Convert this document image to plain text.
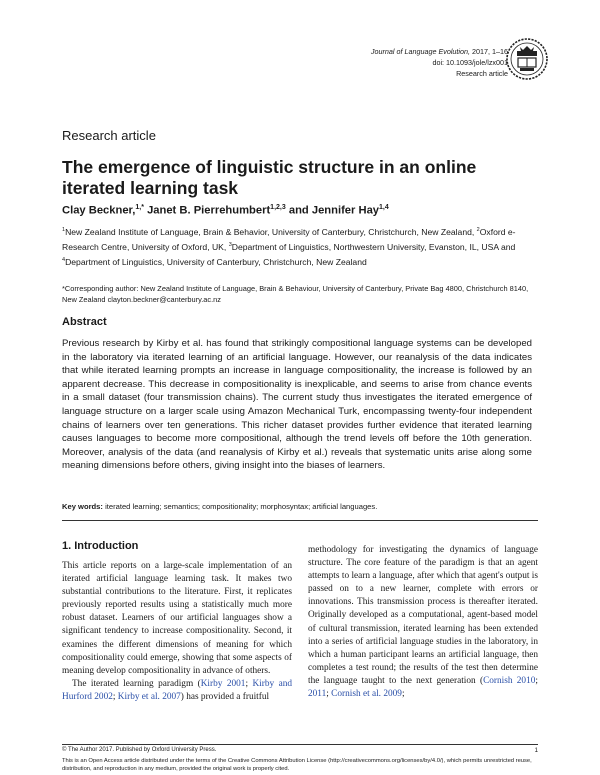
Journal of Language Evolution, 2017, 1–16
doi: 10.1093/jole/lzx001
Research article
Research article
The emergence of linguistic structure in an online iterated learning task
Clay Beckner,$^{1,*}$ Janet B. Pierrehumbert$^{1,2,3}$ and Jennifer Hay$^{1,4}$
$^1$New Zealand Institute of Language, Brain & Behavior, University of Canterbury, Christchurch, New Zealand, $^2$Oxford e-Research Centre, University of Oxford, UK, $^3$Department of Linguistics, Northwestern University, Evanston, IL, USA and $^4$Department of Linguistics, University of Canterbury, Christchurch, New Zealand
*Corresponding author: New Zealand Institute of Language, Brain & Behaviour, University of Canterbury, Private Bag 4800, Christchurch 8140, New Zealand clayton.beckner@canterbury.ac.nz
Abstract
Previous research by Kirby et al. has found that strikingly compositional language systems can be developed in the laboratory via iterated learning of an artificial language. However, our reanalysis of the data indicates that while iterated learning prompts an increase in language compositionality, the increase is followed by an apparent decrease. This decrease in compositionality is inexplicable, and seems to arise from chance events in a small dataset (four transmission chains). The current study thus investigates the iterated emergence of language structure on a larger scale using Amazon Mechanical Turk, encompassing twenty-four independent chains of learners over ten generations. This richer dataset provides further evidence that iterated learning causes languages to become more compositional, although the trend levels off before the 10th generation. Moreover, analysis of the data (and reanalysis of Kirby et al.) reveals that systematic units arise along some meaning dimensions before others, giving insight into the biases of learners.
Key words: iterated learning; semantics; compositionality; morphosyntax; artificial languages.
1. Introduction

This article reports on a large-scale implementation of an iterated artificial language learning task. It makes two substantial contributions to the literature. First, it replicates previously reported results using a statistically much more robust dataset. Learners of our artificial languages show a significant tendency to increase compositionality. Second, it examines the different dimensions of meaning for which compositionality could emerge, showing that some aspects of meaning develop compositionality in advance of others.

The iterated learning paradigm (Kirby 2001; Kirby and Hurford 2002; Kirby et al. 2007) has provided a fruitful

methodology for investigating the dynamics of language structure. The core feature of the paradigm is that an agent attempts to learn a language, after which that agent's output is passed on to a new learner, complete with errors or innovations. This transmission process is thereafter iterated. Originally developed as a computational, agent-based model of cultural transmission, iterated learning has been extended into a series of artificial language studies in the laboratory, in which a human participant learns an artificial language, then completes a test round; the results of the test then determine the language taught to the next generation (Cornish 2010; 2011; Cornish et al. 2009;

© The Author 2017. Published by Oxford University Press.	1
This is an Open Access article distributed under the terms of the Creative Commons Attribution License (http://creativecommons.org/licenses/by/4.0/), which permits unrestricted reuse, distribution, and reproduction in any medium, provided the original work is properly cited.
